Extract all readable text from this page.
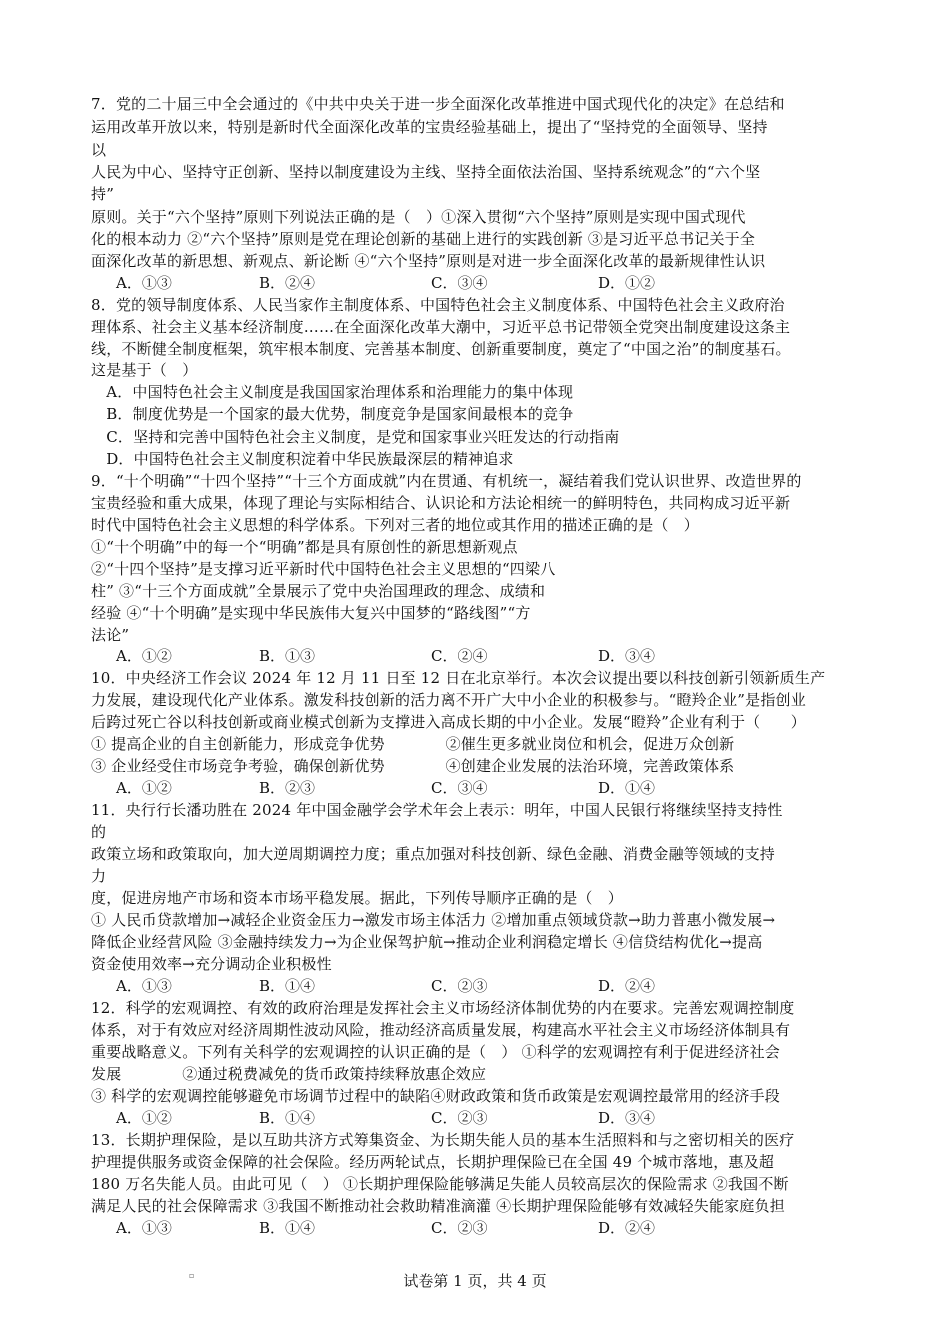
7．党的二十届三中全会通过的《中共中央关于进一步全面深化改革推进中国式现代化的决定》在总结和
运用改革开放以来，特别是新时代全面深化改革的宝贵经验基础上，提出了“坚持党的全面领导、坚持
以
人民为中心、坚持守正创新、坚持以制度建设为主线、坚持全面依法治国、坚持系统观念”的“六个坚
持”
原则。关于“六个坚持”原则下列说法正确的是（　）①深入贯彻“六个坚持”原则是实现中国式现代
化的根本动力 ②“六个坚持”原则是党在理论创新的基础上进行的实践创新 ③是习近平总书记关于全
面深化改革的新思想、新观点、新论断 ④“六个坚持”原则是对进一步全面深化改革的最新规律性认识
A．①③	B．②④	C．③④	D．①②
8．党的领导制度体系、人民当家作主制度体系、中国特色社会主义制度体系、中国特色社会主义政府治
理体系、社会主义基本经济制度……在全面深化改革大潮中，习近平总书记带领全党突出制度建设这条主
线，不断健全制度框架，筑牢根本制度、完善基本制度、创新重要制度，奠定了“中国之治”的制度基石。
这是基于（　）
　A．中国特色社会主义制度是我国国家治理体系和治理能力的集中体现
　B．制度优势是一个国家的最大优势，制度竞争是国家间最根本的竞争
　C．坚持和完善中国特色社会主义制度，是党和国家事业兴旺发达的行动指南
　D．中国特色社会主义制度积淀着中华民族最深层的精神追求
9．“十个明确”“十四个坚持”“十三个方面成就”内在贯通、有机统一，凝结着我们党认识世界、改造世界的
宝贵经验和重大成果，体现了理论与实际相结合、认识论和方法论相统一的鲜明特色，共同构成习近平新
时代中国特色社会主义思想的科学体系。下列对三者的地位或其作用的描述正确的是（　）
①“十个明确”中的每一个“明确”都是具有原创性的新思想新观点
②“十四个坚持”是支撑习近平新时代中国特色社会主义思想的“四梁八
柱” ③“十三个方面成就”全景展示了党中央治国理政的理念、成绩和
经验 ④“十个明确”是实现中华民族伟大复兴中国梦的“路线图”“方
法论”
A．①②	B．①③	C．②④	D．③④
10．中央经济工作会议 2024 年 12 月 11 日至 12 日在北京举行。本次会议提出要以科技创新引领新质生产
力发展，建设现代化产业体系。激发科技创新的活力离不开广大中小企业的积极参与。“瞪羚企业”是指创业
后跨过死亡谷以科技创新或商业模式创新为支撑进入高成长期的中小企业。发展“瞪羚”企业有利于（　　）
① 提高企业的自主创新能力，形成竞争优势　　　　②催生更多就业岗位和机会，促进万众创新
③ 企业经受住市场竞争考验，确保创新优势　　　　④创建企业发展的法治环境，完善政策体系
A．①②	B．②③	C．③④	D．①④
11．央行行长潘功胜在 2024 年中国金融学会学术年会上表示：明年，中国人民银行将继续坚持支持性
的
政策立场和政策取向，加大逆周期调控力度；重点加强对科技创新、绿色金融、消费金融等领域的支持
力
度，促进房地产市场和资本市场平稳发展。据此，下列传导顺序正确的是（　）
① 人民币贷款增加→减轻企业资金压力→激发市场主体活力 ②增加重点领域贷款→助力普惠小微发展→
降低企业经营风险 ③金融持续发力→为企业保驾护航→推动企业利润稳定增长 ④信贷结构优化→提高
资金使用效率→充分调动企业积极性
A．①③	B．①④	C．②③	D．②④
12．科学的宏观调控、有效的政府治理是发挥社会主义市场经济体制优势的内在要求。完善宏观调控制度
体系，对于有效应对经济周期性波动风险，推动经济高质量发展，构建高水平社会主义市场经济体制具有
重要战略意义。下列有关科学的宏观调控的认识正确的是（　） ①科学的宏观调控有利于促进经济社会
发展　　　　②通过税费减免的货币政策持续释放惠企效应
③ 科学的宏观调控能够避免市场调节过程中的缺陷④财政政策和货币政策是宏观调控最常用的经济手段
A．①②	B．①④	C．②③	D．③④
13．长期护理保险，是以互助共济方式筹集资金、为长期失能人员的基本生活照料和与之密切相关的医疗
护理提供服务或资金保障的社会保险。经历两轮试点，长期护理保险已在全国 49 个城市落地，惠及超
180 万名失能人员。由此可见（　） ①长期护理保险能够满足失能人员较高层次的保险需求 ②我国不断
满足人民的社会保障需求 ③我国不断推动社会救助精准滴灌 ④长期护理保险能够有效减轻失能家庭负担
A．①③	B．①④	C．②③	D．②④
▫	试卷第 1 页，共 4 页
